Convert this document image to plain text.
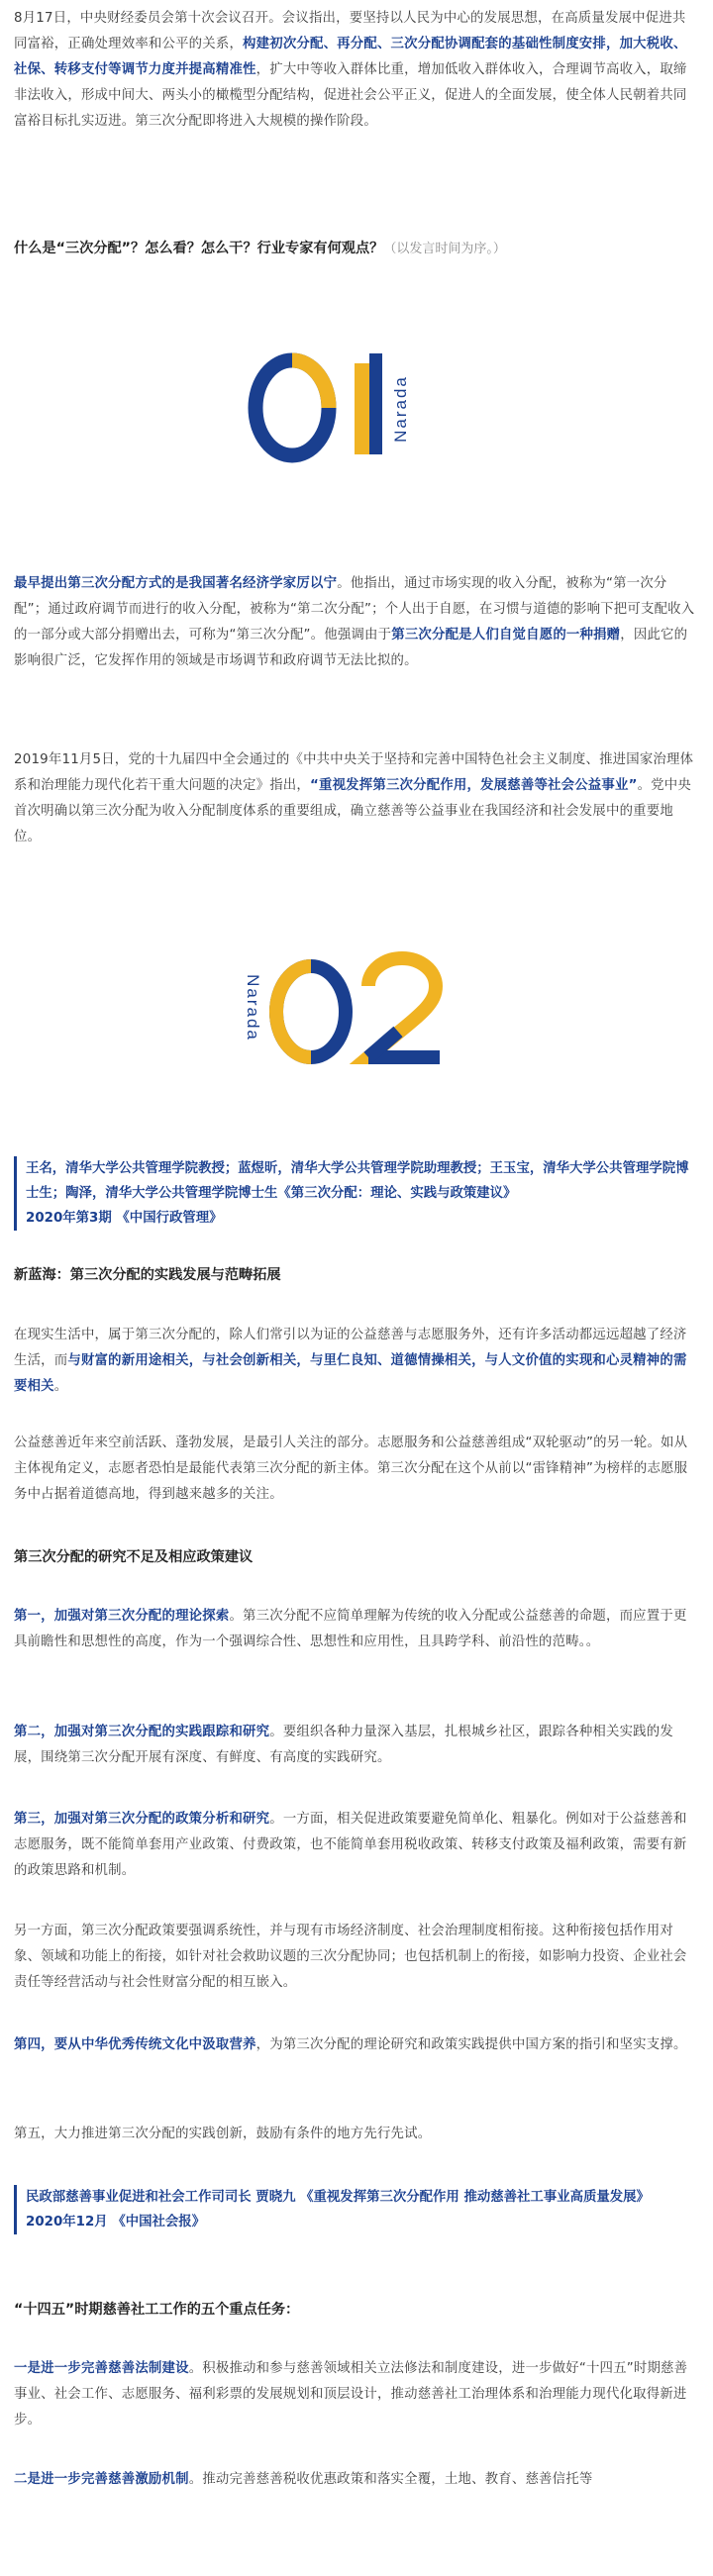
8月17日，中央财经委员会第十次会议召开。会议指出，要坚持以人民为中心的发展思想，在高质量发展中促进共同富裕，正确处理效率和公平的关系，构建初次分配、再分配、三次分配协调配套的基础性制度安排，加大税收、社保、转移支付等调节力度并提高精准性，扩大中等收入群体比重，增加低收入群体收入，合理调节高收入，取缔非法收入，形成中间大、两头小的橄榄型分配结构，促进社会公平正义，促进人的全面发展，使全体人民朝着共同富裕目标扎实迈进。第三次分配即将进入大规模的操作阶段。

什么是“三次分配”？怎么看？怎么干？行业专家有何观点？（以发言时间为序。）

Narada

最早提出第三次分配方式的是我国著名经济学家厉以宁。他指出，通过市场实现的收入分配，被称为“第一次分配”；通过政府调节而进行的收入分配，被称为“第二次分配”；个人出于自愿，在习惯与道德的影响下把可支配收入的一部分或大部分捐赠出去，可称为“第三次分配”。他强调由于第三次分配是人们自觉自愿的一种捐赠，因此它的影响很广泛，它发挥作用的领域是市场调节和政府调节无法比拟的。

2019年11月5日，党的十九届四中全会通过的《中共中央关于坚持和完善中国特色社会主义制度、推进国家治理体系和治理能力现代化若干重大问题的决定》指出，“重视发挥第三次分配作用，发展慈善等社会公益事业”。党中央首次明确以第三次分配为收入分配制度体系的重要组成，确立慈善等公益事业在我国经济和社会发展中的重要地位。

Narada
王名，清华大学公共管理学院教授；蓝煜昕，清华大学公共管理学院助理教授；王玉宝，清华大学公共管理学院博士生；陶泽，清华大学公共管理学院博士生《第三次分配：理论、实践与政策建议》
2020年第3期 《中国行政管理》

新蓝海：第三次分配的实践发展与范畴拓展

在现实生活中，属于第三次分配的，除人们常引以为证的公益慈善与志愿服务外，还有许多活动都远远超越了经济生活，而与财富的新用途相关，与社会创新相关，与里仁良知、道德情操相关，与人文价值的实现和心灵精神的需要相关。

公益慈善近年来空前活跃、蓬勃发展，是最引人关注的部分。志愿服务和公益慈善组成“双轮驱动”的另一轮。如从主体视角定义，志愿者恐怕是最能代表第三次分配的新主体。第三次分配在这个从前以“雷锋精神”为榜样的志愿服务中占据着道德高地，得到越来越多的关注。

第三次分配的研究不足及相应政策建议

第一，加强对第三次分配的理论探索。第三次分配不应简单理解为传统的收入分配或公益慈善的命题，而应置于更具前瞻性和思想性的高度，作为一个强调综合性、思想性和应用性，且具跨学科、前沿性的范畴。。

第二，加强对第三次分配的实践跟踪和研究。要组织各种力量深入基层，扎根城乡社区，跟踪各种相关实践的发展，围绕第三次分配开展有深度、有鲜度、有高度的实践研究。

第三，加强对第三次分配的政策分析和研究。一方面，相关促进政策要避免简单化、粗暴化。例如对于公益慈善和志愿服务，既不能简单套用产业政策、付费政策，也不能简单套用税收政策、转移支付政策及福利政策，需要有新的政策思路和机制。

另一方面，第三次分配政策要强调系统性，并与现有市场经济制度、社会治理制度相衔接。这种衔接包括作用对象、领域和功能上的衔接，如针对社会救助议题的三次分配协同；也包括机制上的衔接，如影响力投资、企业社会责任等经营活动与社会性财富分配的相互嵌入。

第四，要从中华优秀传统文化中汲取营养，为第三次分配的理论研究和政策实践提供中国方案的指引和坚实支撑。

第五，大力推进第三次分配的实践创新，鼓励有条件的地方先行先试。

民政部慈善事业促进和社会工作司司长 贾晓九 《重视发挥第三次分配作用 推动慈善社工事业高质量发展》
2020年12月 《中国社会报》

“十四五”时期慈善社工工作的五个重点任务：

一是进一步完善慈善法制建设。积极推动和参与慈善领域相关立法修法和制度建设，进一步做好“十四五”时期慈善事业、社会工作、志愿服务、福利彩票的发展规划和顶层设计，推动慈善社工治理体系和治理能力现代化取得新进步。

二是进一步完善慈善激励机制。推动完善慈善税收优惠政策和落实全覆，土地、教育、慈善信托等
